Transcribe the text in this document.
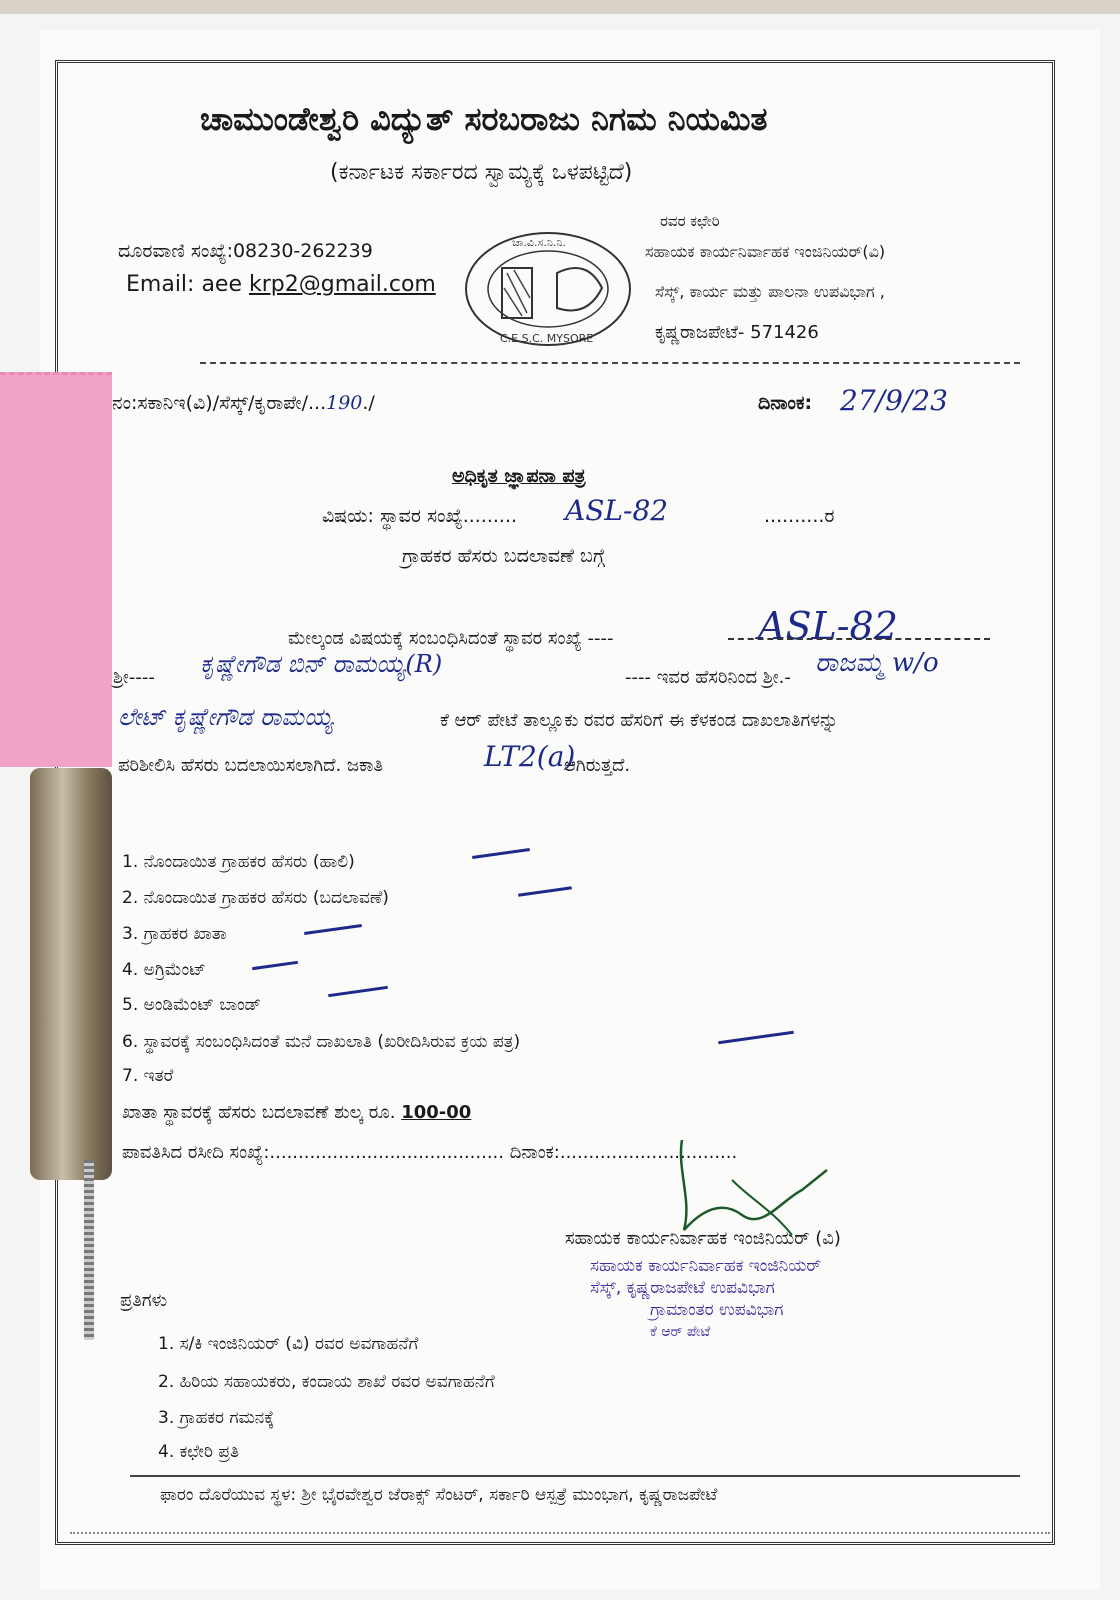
ಚಾಮುಂಡೇಶ್ವರಿ ವಿದ್ಯುತ್ ಸರಬರಾಜು ನಿಗಮ ನಿಯಮಿತ
(ಕರ್ನಾಟಕ ಸರ್ಕಾರದ ಸ್ವಾಮ್ಯಕ್ಕೆ ಒಳಪಟ್ಟಿದೆ)
ದೂರವಾಣಿ ಸಂಖ್ಯೆ:08230-262239
Email: aee krp2@gmail.com
ಚಾ.ವಿ.ಸ.ನಿ.ನಿ.
C.E.S.C. MYSORE
ರವರ ಕಛೇರಿ
ಸಹಾಯಕ ಕಾರ್ಯನಿರ್ವಾಹಕ ಇಂಜಿನಿಯರ್(ವಿ)
ಸೆಸ್ಕ್, ಕಾರ್ಯ ಮತ್ತು ಪಾಲನಾ ಉಪವಿಭಾಗ ,
ಕೃಷ್ಣರಾಜಪೇಟೆ- 571426
ನಂ:ಸಕಾನಿಇ(ವಿ)/ಸೆಸ್ಕ್/ಕೃರಾಪೇ/...190./	ದಿನಾಂಕ: 27/9/23
ಅಧಿಕೃತ ಜ್ಞಾಪನಾ ಪತ್ರ
ವಿಷಯ: ಸ್ಥಾವರ ಸಂಖ್ಯೆ......... ASL-82	..........ರ
ಗ್ರಾಹಕರ ಹೆಸರು ಬದಲಾವಣೆ ಬಗ್ಗೆ
ಮೇಲ್ಕಂಡ ವಿಷಯಕ್ಕೆ ಸಂಬಂಧಿಸಿದಂತೆ ಸ್ಥಾವರ ಸಂಖ್ಯೆ ----	ASL-82
ಶ್ರೀ---- ಕೃಷ್ಣೇಗೌಡ ಬಿನ್ ರಾಮಯ್ಯ(R)	---- ಇವರ ಹೆಸರಿನಿಂದ ಶ್ರೀ.- ರಾಜಮ್ಮ w/o
ಲೇಟ್ ಕೃಷ್ಣೇಗೌಡ ರಾಮಯ್ಯ	ಕೆ ಆರ್ ಪೇಟೆ ತಾಲ್ಲೂಕು ರವರ ಹೆಸರಿಗೆ ಈ ಕೆಳಕಂಡ ದಾಖಲಾತಿಗಳನ್ನು
ಪರಿಶೀಲಿಸಿ ಹೆಸರು ಬದಲಾಯಿಸಲಾಗಿದೆ. ಜಕಾತಿ	LT2(a)
ಆಗಿರುತ್ತದೆ.
1. ನೊಂದಾಯಿತ ಗ್ರಾಹಕರ ಹೆಸರು (ಹಾಲಿ)
2. ನೊಂದಾಯಿತ ಗ್ರಾಹಕರ ಹೆಸರು (ಬದಲಾವಣೆ)
3. ಗ್ರಾಹಕರ ಖಾತಾ
4. ಅಗ್ರಿಮೆಂಟ್
5. ಅಂಡಿಮೆಂಟ್ ಬಾಂಡ್
6. ಸ್ಥಾವರಕ್ಕೆ ಸಂಬಂಧಿಸಿದಂತೆ ಮನೆ ದಾಖಲಾತಿ (ಖರೀದಿಸಿರುವ ಕ್ರಯ ಪತ್ರ)
7. ಇತರೆ
ಖಾತಾ ಸ್ಥಾವರಕ್ಕೆ ಹೆಸರು ಬದಲಾವಣೆ ಶುಲ್ಕ ರೂ. 100-00
ಪಾವತಿಸಿದ ರಸೀದಿ ಸಂಖ್ಯೆ:......................................... ದಿನಾಂಕ:...............................
ಸಹಾಯಕ ಕಾರ್ಯನಿರ್ವಾಹಕ ಇಂಜಿನಿಯರ್ (ವಿ)
ಸಹಾಯಕ ಕಾರ್ಯನಿರ್ವಾಹಕ ಇಂಜಿನಿಯರ್
ಸೆಸ್ಕ್, ಕೃಷ್ಣರಾಜಪೇಟೆ ಉಪವಿಭಾಗ
ಗ್ರಾಮಾಂತರ ಉಪವಿಭಾಗ
ಕೆ ಆರ್ ಪೇಟೆ
ಪ್ರತಿಗಳು
1. ಸ/ಕಿ ಇಂಜಿನಿಯರ್ (ವಿ) ರವರ ಅವಗಾಹನೆಗೆ
2. ಹಿರಿಯ ಸಹಾಯಕರು, ಕಂದಾಯ ಶಾಖೆ ರವರ ಅವಗಾಹನೆಗೆ
3. ಗ್ರಾಹಕರ ಗಮನಕ್ಕೆ
4. ಕಛೇರಿ ಪ್ರತಿ
ಫಾರಂ ದೊರೆಯುವ ಸ್ಥಳ: ಶ್ರೀ ಭೈರವೇಶ್ವರ ಜೆರಾಕ್ಸ್ ಸೆಂಟರ್, ಸರ್ಕಾರಿ ಆಸ್ಪತ್ರೆ ಮುಂಭಾಗ, ಕೃಷ್ಣರಾಜಪೇಟೆ
